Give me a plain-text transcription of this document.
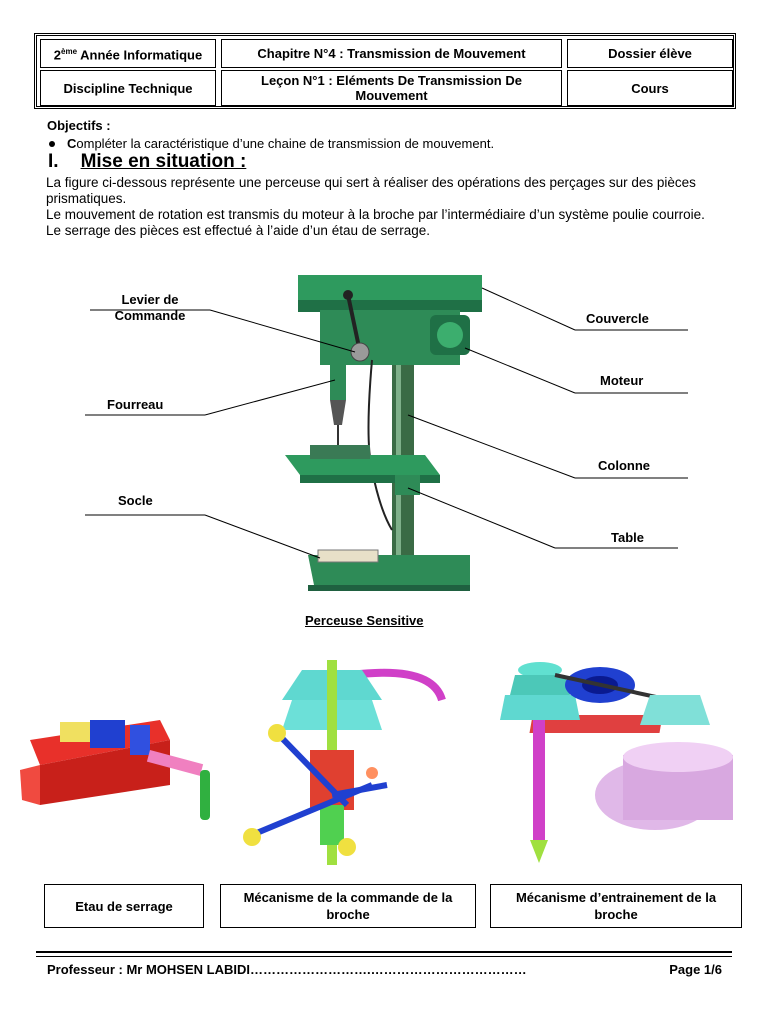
2ème Année Informatique
Discipline Technique
Chapitre N°4 : Transmission de Mouvement
Leçon N°1 : Eléments De Transmission De Mouvement
Dossier élève
Cours
Objectifs :
Compléter la caractéristique d’une chaine de transmission de mouvement.
I. Mise en situation :

La figure ci-dessous représente une perceuse qui sert à réaliser des opérations des perçages sur des pièces prismatiques.

Le mouvement de rotation est transmis du moteur à la broche par l’intermédiaire d’un système poulie courroie.

Le serrage des pièces est effectué à l’aide d’un étau de serrage.

Levier de Commande
Fourreau
Socle
Couvercle
Moteur
Colonne
Table
Perceuse Sensitive
Etau de serrage
Mécanisme de la commande de la broche
Mécanisme d’entrainement de la broche
Professeur : Mr MOHSEN LABIDI……………………….………………………………	Page 1/6
